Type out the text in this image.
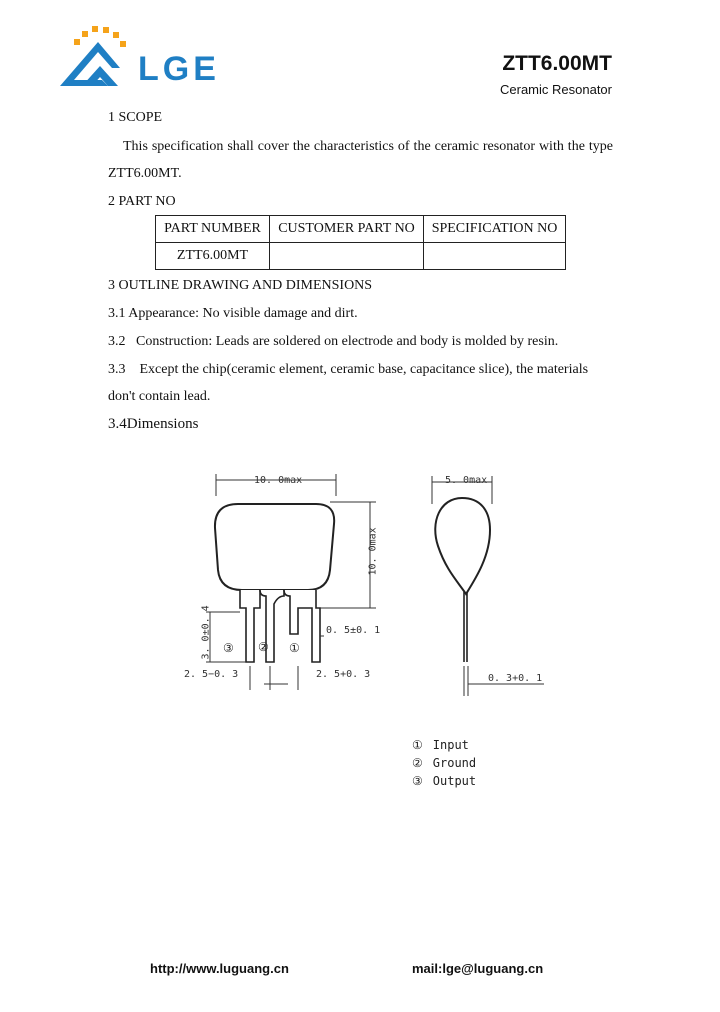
LGE	ZTT6.00MT
Ceramic Resonator
1 SCOPE
This specification shall cover the characteristics of the ceramic resonator with the type ZTT6.00MT.
2 PART NO
PART NUMBER	CUSTOMER PART NO	SPECIFICATION NO
ZTT6.00MT		
3 OUTLINE DRAWING AND DIMENSIONS
3.1 Appearance: No visible damage and dirt.
3.2   Construction: Leads are soldered on electrode and body is molded by resin.
3.3    Except the chip(ceramic element, ceramic base, capacitance slice), the materials don't contain lead.
3.4Dimensions
10. 0max
10. 0max
3. 0±0. 4	0. 5±0. 1
2. 5−0. 3	2. 5+0. 3
③ ② ①
5. 0max
0. 3+0. 1
① Input
② Ground
③ Output
http://www.luguang.cn	mail:lge@luguang.cn
